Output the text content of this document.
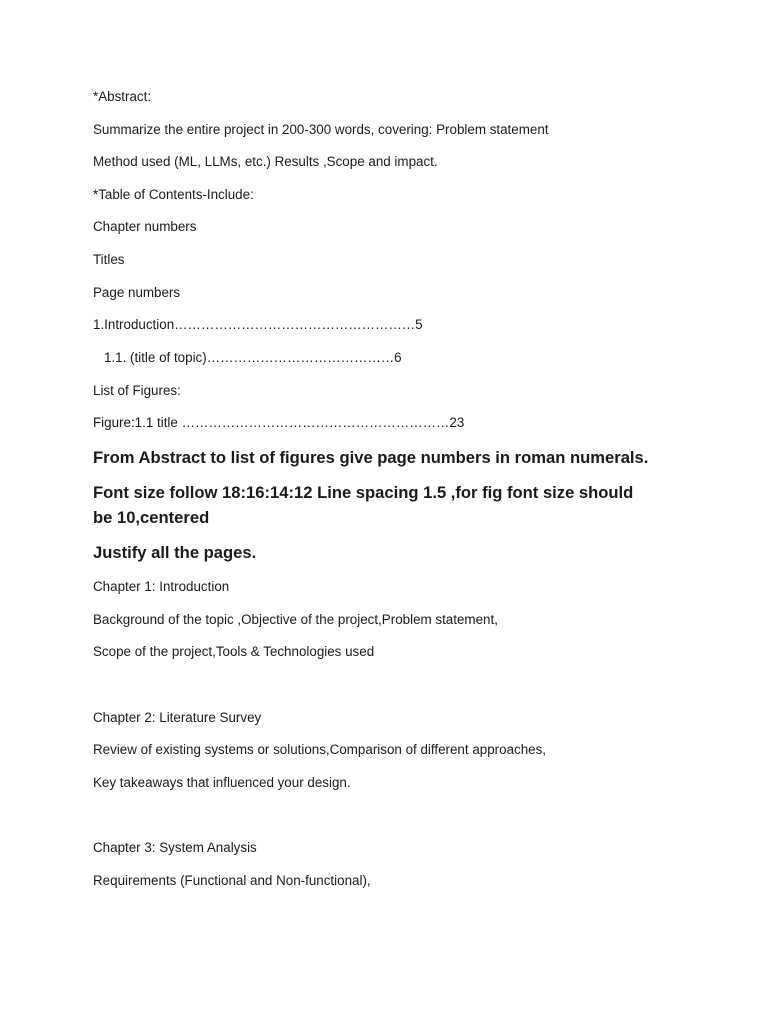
*Abstract:

Summarize the entire project in 200-300 words, covering: Problem statement

Method used (ML, LLMs, etc.) Results ,Scope and impact.

*Table of Contents-Include:

Chapter numbers

Titles

Page numbers

1.Introduction………………………………………………5

1.1. (title of topic)……………………………………6

List of Figures:

Figure:1.1 title ……………………………………………………23

From Abstract to list of figures give page numbers in roman numerals.

Font size follow 18:16:14:12 Line spacing 1.5 ,for fig font size should be 10,centered

Justify all the pages.

Chapter 1: Introduction

Background of the topic ,Objective of the project,Problem statement,

Scope of the project,Tools & Technologies used

Chapter 2: Literature Survey

Review of existing systems or solutions,Comparison of different approaches,

Key takeaways that influenced your design.

Chapter 3: System Analysis

Requirements (Functional and Non-functional),
